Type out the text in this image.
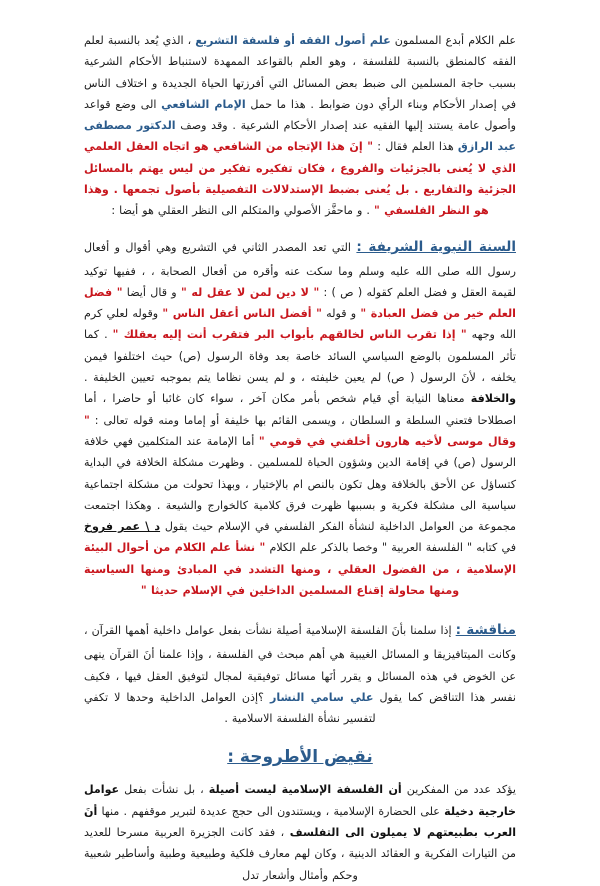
علم الكلام أبدع المسلمون علم أصول الفقه أو فلسفة التشريع ، الذي يُعد بالنسبة لعلم الفقه كالمنطق بالنسبة للفلسفة ، وهو العلم بالقواعد الممهدة لاستنباط الأحكام الشرعية بسبب حاجة المسلمين الى ضبط بعض المسائل التي أفرزتها الحياة الجديدة و اختلاف الناس في إصدار الأحكام وبناء الرأي دون ضوابط . هذا ما حمل الإمام الشافعي الى وضع قواعد وأصول عامة يستند إليها الفقيه عند إصدار الأحكام الشرعية . وقد وصف الدكتور مصطفى عبد الرازق هذا العلم فقال : " إنَ هذا الإتجاه من الشافعي هو اتجاه العقل العلمي الذي لا يُعنى بالجزئيات والفروع ، فكان تفكيره تفكير من ليس يهتم بالمسائل الجزئية والتفاريع . بل يُعنى بضبط الإستدلالات التفصيلية بأصول تجمعها . وهذا هو النظر الفلسفي " . و ماحفَّز الأصولي والمتكلم الى النظر العقلي هو أيضا :

السنة النبوية الشريفة : التي تعد المصدر الثاني في التشريع وهي أقوال و أفعال رسول الله صلى الله عليه وسلم وما سكت عنه وأقره من أفعال الصحابة ، ، ففيها توكيد لقيمة العقل و فضل العلم كقوله ( ص ) : " لا دين لمن لا عقل له " و قال أيضا " فضل العلم خير من فضل العبادة " و قوله " أفضل الناس أعقل الناس " وقوله لعلي كرم الله وجهه " إذا تقرب الناس لخالقهم بأبواب البر فتقرب أنت إليه بعقلك " . كما تأثر المسلمون بالوضع السياسي السائد خاصة بعد وفاة الرسول (ص) حيث اختلفوا فيمن يخلفه ، لأنَ الرسول ( ص) لم يعين خليفته ، و لم يسن نظاما يتم بموجبه تعيين الخليفة . والخلافة معناها النيابة أي قيام شخص بأمر مكان آخر ، سواء كان غائبا أو حاضرا ، أما اصطلاحا فتعني السلطة و السلطان ، ويسمى القائم بها خليفة أو إماما ومنه قوله تعالى : " وقال موسى لأخيه هارون أخلفني في قومي " أما الإمامة عند المتكلمين فهي خلافة الرسول (ص) في إقامة الدين وشؤون الحياة للمسلمين . وظهرت مشكلة الخلافة في البداية كتساؤل عن الأحق بالخلافة وهل تكون بالنص ام بالإختيار ، وبهذا تحولت من مشكلة اجتماعية سياسية الى مشكلة فكرية و بسببها ظهرت فرق كلامية كالخوارج والشيعة . وهكذا اجتمعت مجموعة من العوامل الداخلية لنشأة الفكر الفلسفي في الإسلام حيث يقول د \ عمر فروخ في كتابه " الفلسفة العربية " وخصا بالذكر علم الكلام " نشأ علم الكلام من أحوال البيئة الإسلامية ، من الفضول العقلي ، ومنها التشدد في المبادئ ومنها السياسية ومنها محاولة إقناع المسلمين الداخلين في الإسلام حديثا "

مناقشة : إذا سلمنا بأنَ الفلسفة الإسلامية أصيلة نشأت بفعل عوامل داخلية أهمها القرآن ، وكانت الميتافيزيقا و المسائل الغيبية هي أهم مبحث في الفلسفة ، وإذا علمنا أنَ القرآن ينهى عن الخوض في هذه المسائل و يقرر أنَها مسائل توفيقية لمجال لتوفيق العقل فيها ، فكيف نفسر هذا التناقض كما يقول علي سامي النشار ؟إذن العوامل الداخلية وحدها لا تكفي لتفسير نشأة الفلسفة الاسلامية .

نقيض الأطروحة :

يؤكد عدد من المفكرين أن الفلسفة الإسلامية ليست أصيلة ، بل نشأت بفعل عوامل خارجية دخيلة على الحضارة الإسلامية ، ويستندون الى حجج عديدة لتبرير موقفهم . منها أنَ العرب بطبيعتهم لا يميلون الى التفلسف ، فقد كانت الجزيرة العربية مسرحا للعديد من التيارات الفكرية و العقائد الدينية ، وكان لهم معارف فلكية وطبيعية وطبية وأساطير شعبية وحكم وأمثال وأشعار تدل
